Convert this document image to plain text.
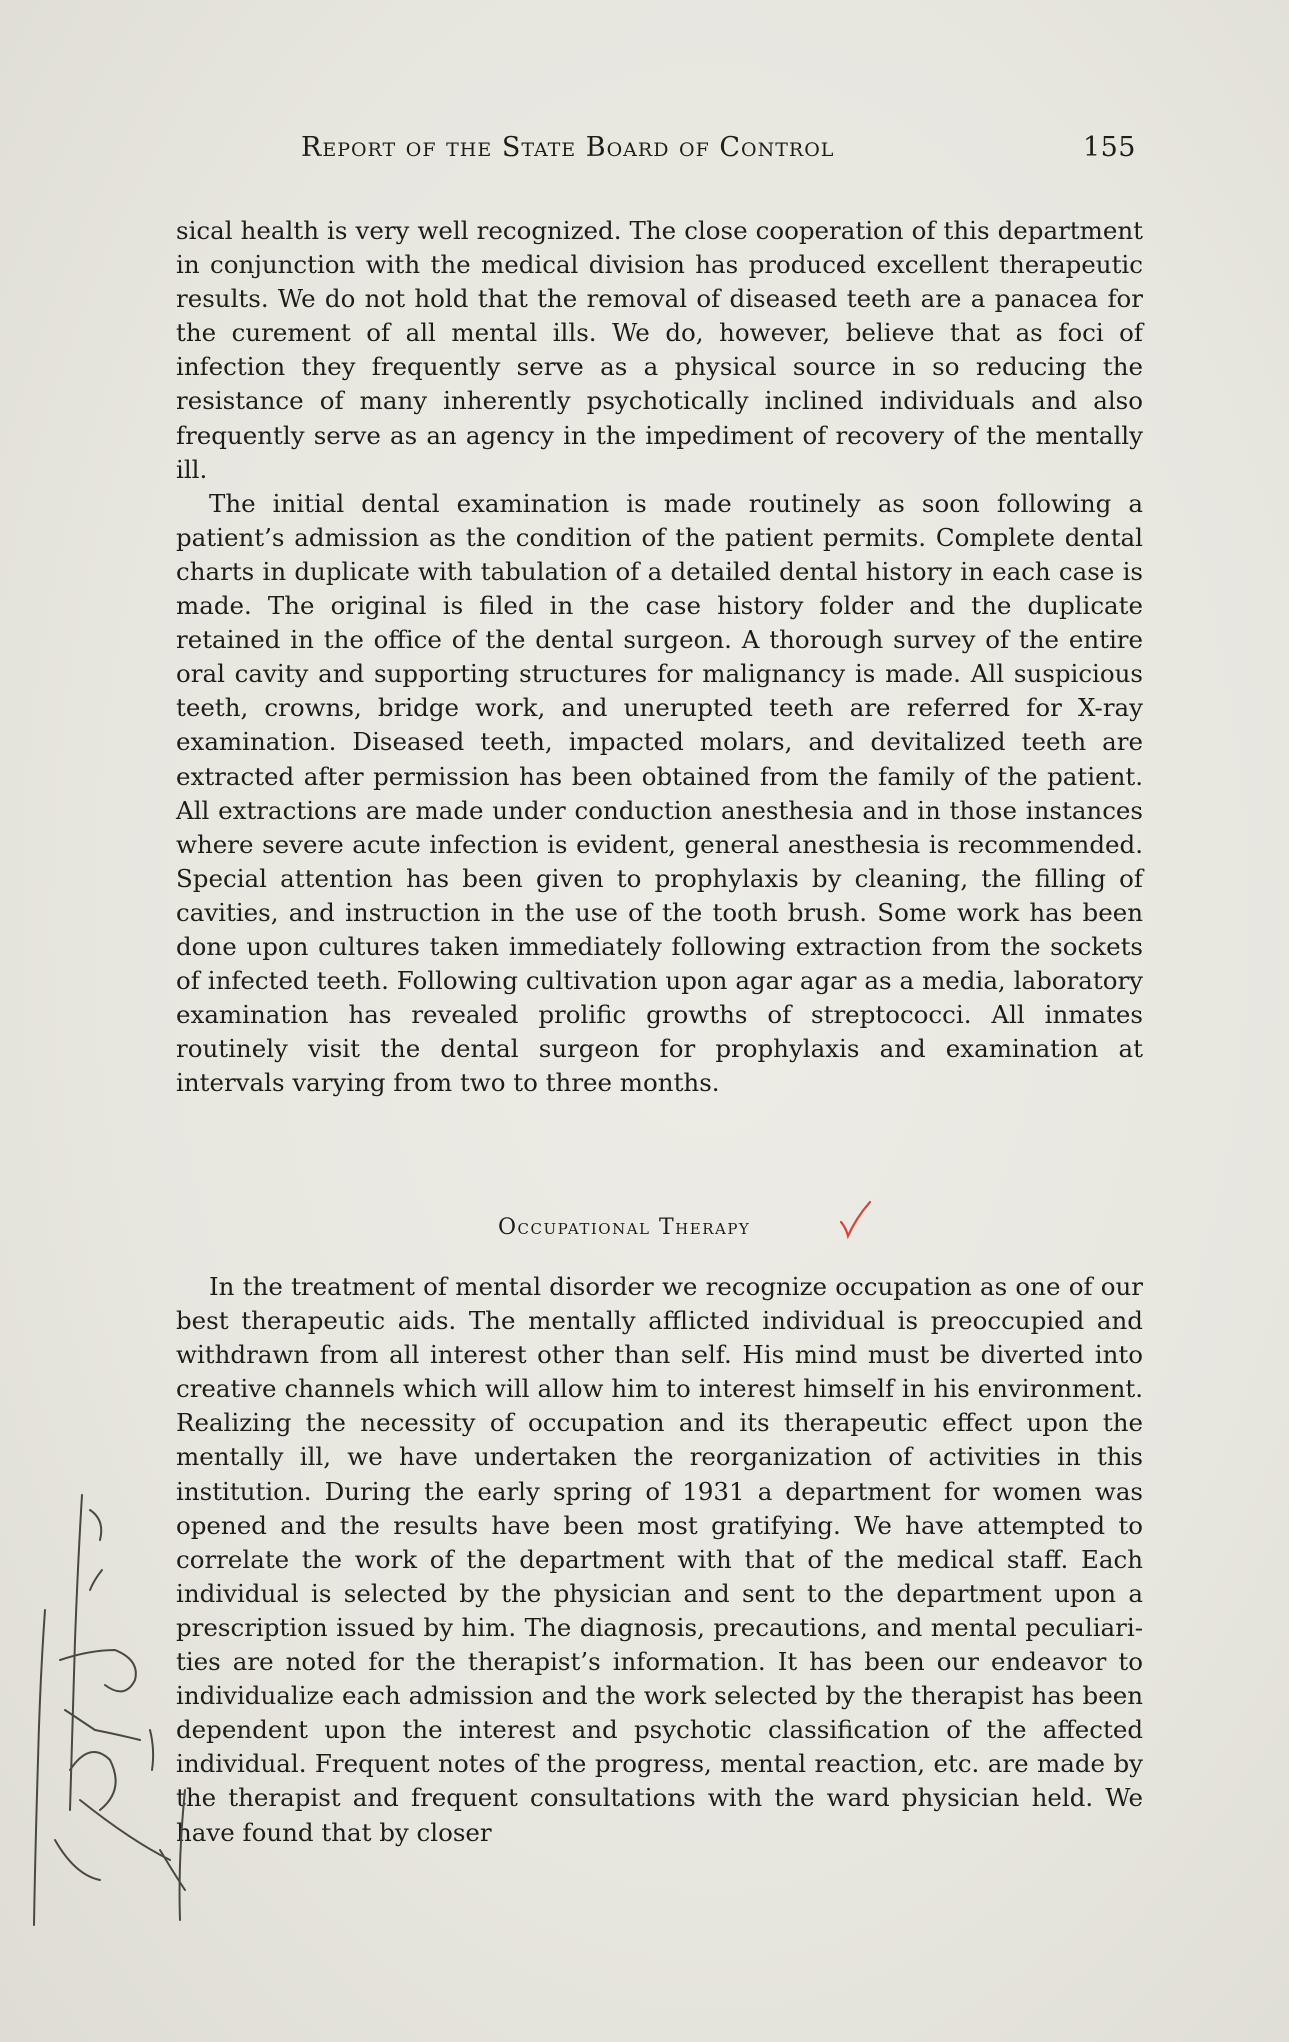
Report of the State Board of Control	155

sical health is very well recognized. The close cooperation of this department in conjunction with the medical division has produced excellent therapeutic results. We do not hold that the removal of diseased teeth are a panacea for the curement of all mental ills. We do, however, believe that as foci of infection they frequently serve as a physical source in so reducing the resistance of many inherently psychotically inclined individuals and also frequently serve as an agency in the impediment of recovery of the mentally ill.

The initial dental examination is made routinely as soon following a patient’s admission as the condition of the patient permits. Complete dental charts in duplicate with tabulation of a detailed dental history in each case is made. The original is filed in the case history folder and the duplicate retained in the office of the dental surgeon. A thorough survey of the entire oral cavity and supporting structures for malignancy is made. All suspicious teeth, crowns, bridge work, and unerupted teeth are referred for X-ray examination. Diseased teeth, impacted molars, and devitalized teeth are extracted after permission has been obtained from the family of the patient. All extractions are made under conduction anesthesia and in those instances where severe acute infection is evident, general anesthesia is recommended. Special attention has been given to prophylaxis by cleaning, the filling of cavities, and instruction in the use of the tooth brush. Some work has been done upon cultures taken immediately following extraction from the sockets of infected teeth. Following cultivation upon agar agar as a media, laboratory examination has revealed prolific growths of streptococci. All inmates routinely visit the dental surgeon for prophylaxis and examination at intervals varying from two to three months.

Occupational Therapy

In the treatment of mental disorder we recognize occupation as one of our best therapeutic aids. The mentally afflicted individual is preoccupied and withdrawn from all interest other than self. His mind must be diverted into creative channels which will allow him to interest himself in his environment. Realizing the necessity of occupation and its therapeutic effect upon the mentally ill, we have undertaken the reorganization of activities in this institution. During the early spring of 1931 a department for women was opened and the results have been most gratifying. We have attempted to correlate the work of the department with that of the medical staff. Each individual is selected by the physician and sent to the department upon a prescription issued by him. The diagnosis, precautions, and mental peculiarities are noted for the therapist’s information. It has been our endeavor to individualize each admission and the work selected by the therapist has been dependent upon the interest and psychotic classification of the affected individual. Frequent notes of the progress, mental reaction, etc. are made by the therapist and frequent consultations with the ward physician held. We have found that by closer
